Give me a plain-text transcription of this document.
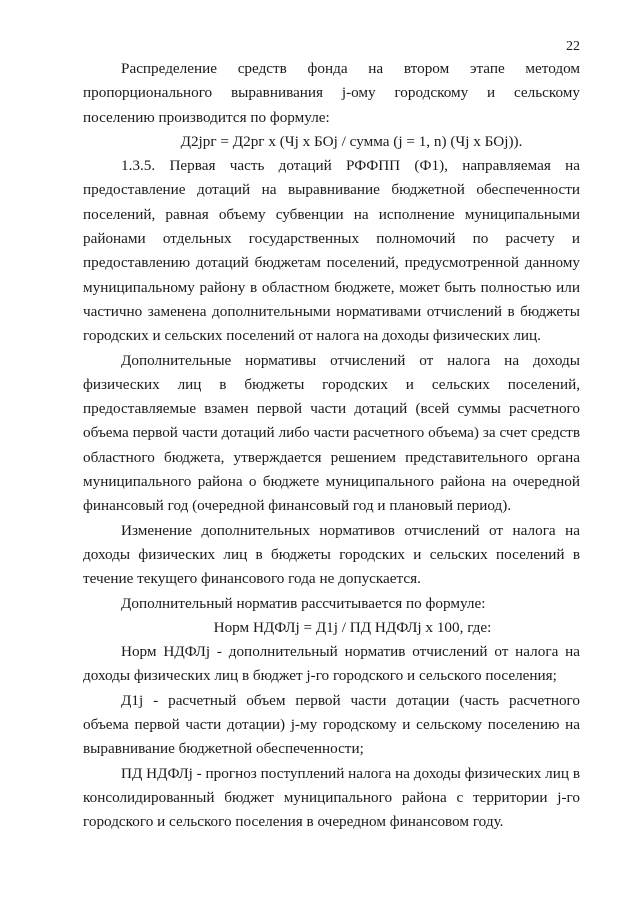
22

Распределение средств фонда на втором этапе методом пропорционального выравнивания j-ому городскому и сельскому поселению производится по формуле:

Д2jрг = Д2рг x (Чj x БОj / сумма (j = 1, n) (Чj x БОj)).

1.3.5. Первая часть дотаций РФФПП (Ф1), направляемая на предоставление дотаций на выравнивание бюджетной обеспеченности поселений, равная объему субвенции на исполнение муниципальными районами отдельных государственных полномочий по расчету и предоставлению дотаций бюджетам поселений, предусмотренной данному муниципальному району в областном бюджете, может быть полностью или частично заменена дополнительными нормативами отчислений в бюджеты городских и сельских поселений от налога на доходы физических лиц.

Дополнительные нормативы отчислений от налога на доходы физических лиц в бюджеты городских и сельских поселений, предоставляемые взамен первой части дотаций (всей суммы расчетного объема первой части дотаций либо части расчетного объема) за счет средств областного бюджета, утверждается решением представительного органа муниципального района о бюджете муниципального района на очередной финансовый год (очередной финансовый год и плановый период).

Изменение дополнительных нормативов отчислений от налога на доходы физических лиц в бюджеты городских и сельских поселений в течение текущего финансового года не допускается.

Дополнительный норматив рассчитывается по формуле:

Норм НДФЛj = Д1j / ПД НДФЛj x 100, где:

Норм НДФЛj - дополнительный норматив отчислений от налога на доходы физических лиц в бюджет j-го городского и сельского поселения;

Д1j - расчетный объем первой части дотации (часть расчетного объема первой части дотации) j-му городскому и сельскому поселению на выравнивание бюджетной обеспеченности;

ПД НДФЛj - прогноз поступлений налога на доходы физических лиц в консолидированный бюджет муниципального района с территории j-го городского и сельского поселения в очередном финансовом году.
